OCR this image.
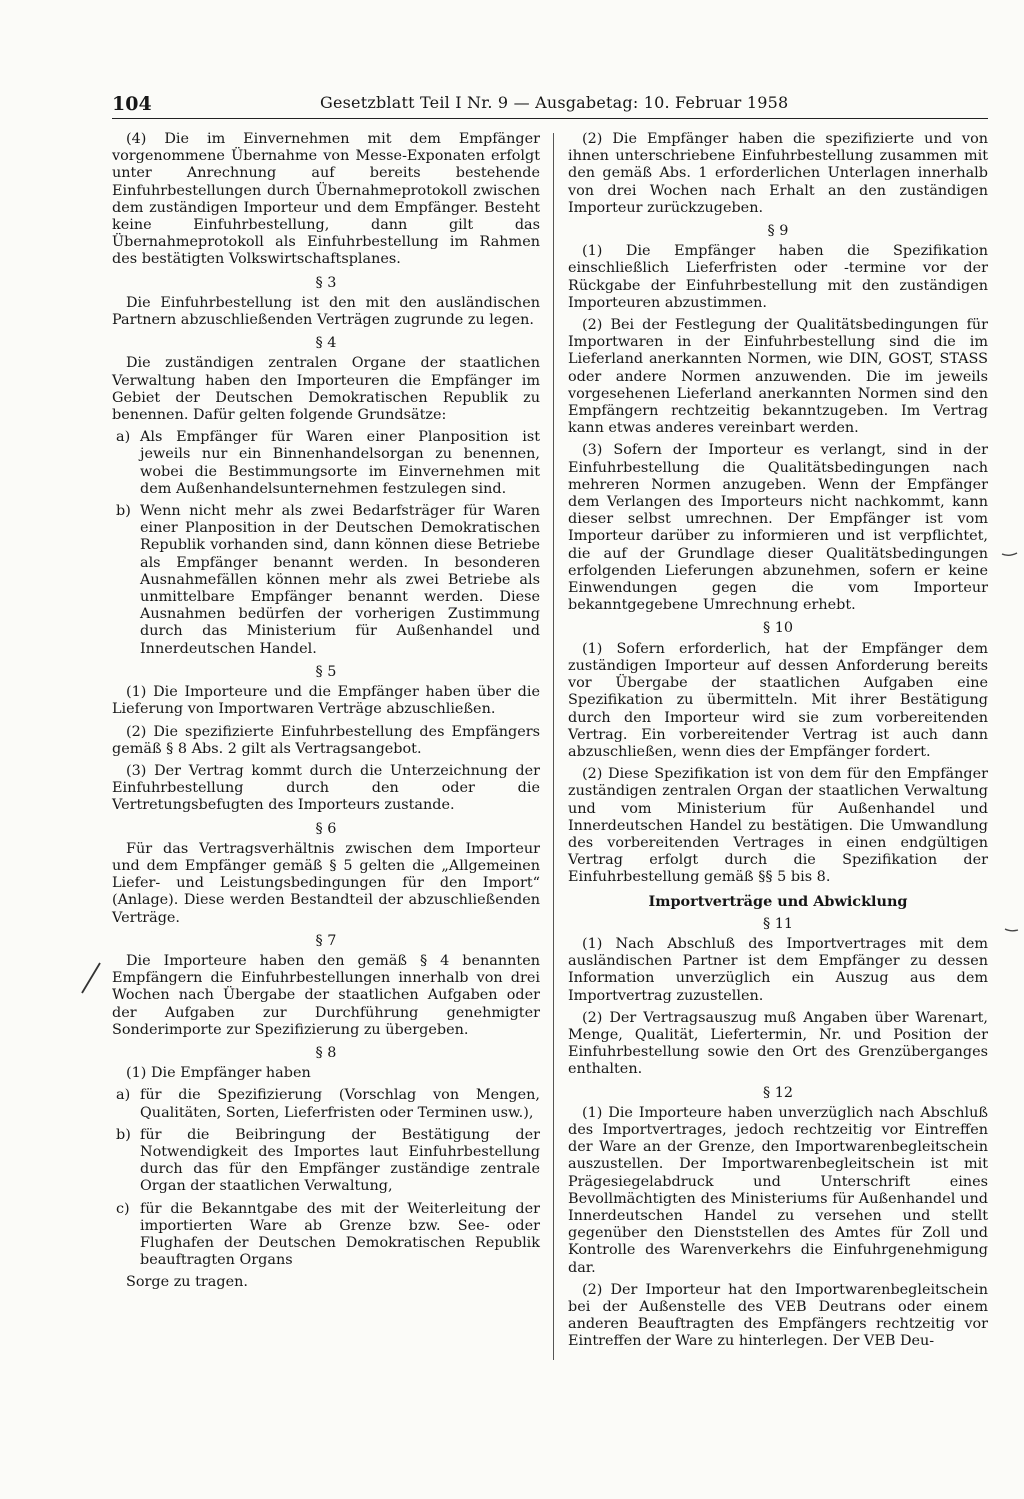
104	Gesetzblatt Teil I Nr. 9 — Ausgabetag: 10. Februar 1958

(4) Die im Einvernehmen mit dem Empfänger vorgenommene Übernahme von Messe-Exponaten erfolgt unter Anrechnung auf bereits bestehende Einfuhrbestellungen durch Übernahmeprotokoll zwischen dem zuständigen Importeur und dem Empfänger. Besteht keine Einfuhrbestellung, dann gilt das Übernahmeprotokoll als Einfuhrbestellung im Rahmen des bestätigten Volkswirtschaftsplanes.

§ 3

Die Einfuhrbestellung ist den mit den ausländischen Partnern abzuschließenden Verträgen zugrunde zu legen.

§ 4

Die zuständigen zentralen Organe der staatlichen Verwaltung haben den Importeuren die Empfänger im Gebiet der Deutschen Demokratischen Republik zu benennen. Dafür gelten folgende Grundsätze:

a) Als Empfänger für Waren einer Planposition ist jeweils nur ein Binnenhandelsorgan zu benennen, wobei die Bestimmungsorte im Einvernehmen mit dem Außenhandelsunternehmen festzulegen sind.
b) Wenn nicht mehr als zwei Bedarfsträger für Waren einer Planposition in der Deutschen Demokratischen Republik vorhanden sind, dann können diese Betriebe als Empfänger benannt werden. In besonderen Ausnahmefällen können mehr als zwei Betriebe als unmittelbare Empfänger benannt werden. Diese Ausnahmen bedürfen der vorherigen Zustimmung durch das Ministerium für Außenhandel und Innerdeutschen Handel.
§ 5

(1) Die Importeure und die Empfänger haben über die Lieferung von Importwaren Verträge abzuschließen.

(2) Die spezifizierte Einfuhrbestellung des Empfängers gemäß § 8 Abs. 2 gilt als Vertragsangebot.

(3) Der Vertrag kommt durch die Unterzeichnung der Einfuhrbestellung durch den oder die Vertretungsbefugten des Importeurs zustande.

§ 6

Für das Vertragsverhältnis zwischen dem Importeur und dem Empfänger gemäß § 5 gelten die „Allgemeinen Liefer- und Leistungsbedingungen für den Import“ (Anlage). Diese werden Bestandteil der abzuschließenden Verträge.

§ 7

Die Importeure haben den gemäß § 4 benannten Empfängern die Einfuhrbestellungen innerhalb von drei Wochen nach Übergabe der staatlichen Aufgaben oder der Aufgaben zur Durchführung genehmigter Sonderimporte zur Spezifizierung zu übergeben.

§ 8

(1) Die Empfänger haben

a) für die Spezifizierung (Vorschlag von Mengen, Qualitäten, Sorten, Lieferfristen oder Terminen usw.),
b) für die Beibringung der Bestätigung der Notwendigkeit des Importes laut Einfuhrbestellung durch das für den Empfänger zuständige zentrale Organ der staatlichen Verwaltung,
c) für die Bekanntgabe des mit der Weiterleitung der importierten Ware ab Grenze bzw. See- oder Flughafen der Deutschen Demokratischen Republik beauftragten Organs

Sorge zu tragen.

(2) Die Empfänger haben die spezifizierte und von ihnen unterschriebene Einfuhrbestellung zusammen mit den gemäß Abs. 1 erforderlichen Unterlagen innerhalb von drei Wochen nach Erhalt an den zuständigen Importeur zurückzugeben.

§ 9

(1) Die Empfänger haben die Spezifikation einschließlich Lieferfristen oder -termine vor der Rückgabe der Einfuhrbestellung mit den zuständigen Importeuren abzustimmen.

(2) Bei der Festlegung der Qualitätsbedingungen für Importwaren in der Einfuhrbestellung sind die im Lieferland anerkannten Normen, wie DIN, GOST, STASS oder andere Normen anzuwenden. Die im jeweils vorgesehenen Lieferland anerkannten Normen sind den Empfängern rechtzeitig bekanntzugeben. Im Vertrag kann etwas anderes vereinbart werden.

(3) Sofern der Importeur es verlangt, sind in der Einfuhrbestellung die Qualitätsbedingungen nach mehreren Normen anzugeben. Wenn der Empfänger dem Verlangen des Importeurs nicht nachkommt, kann dieser selbst umrechnen. Der Empfänger ist vom Importeur darüber zu informieren und ist verpflichtet, die auf der Grundlage dieser Qualitätsbedingungen erfolgenden Lieferungen abzunehmen, sofern er keine Einwendungen gegen die vom Importeur bekanntgegebene Umrechnung erhebt.

§ 10

(1) Sofern erforderlich, hat der Empfänger dem zuständigen Importeur auf dessen Anforderung bereits vor Übergabe der staatlichen Aufgaben eine Spezifikation zu übermitteln. Mit ihrer Bestätigung durch den Importeur wird sie zum vorbereitenden Vertrag. Ein vorbereitender Vertrag ist auch dann abzuschließen, wenn dies der Empfänger fordert.

(2) Diese Spezifikation ist von dem für den Empfänger zuständigen zentralen Organ der staatlichen Verwaltung und vom Ministerium für Außenhandel und Innerdeutschen Handel zu bestätigen. Die Umwandlung des vorbereitenden Vertrages in einen endgültigen Vertrag erfolgt durch die Spezifikation der Einfuhrbestellung gemäß §§ 5 bis 8.

Importverträge und Abwicklung
§ 11

(1) Nach Abschluß des Importvertrages mit dem ausländischen Partner ist dem Empfänger zu dessen Information unverzüglich ein Auszug aus dem Importvertrag zuzustellen.

(2) Der Vertragsauszug muß Angaben über Warenart, Menge, Qualität, Liefertermin, Nr. und Position der Einfuhrbestellung sowie den Ort des Grenzüberganges enthalten.

§ 12

(1) Die Importeure haben unverzüglich nach Abschluß des Importvertrages, jedoch rechtzeitig vor Eintreffen der Ware an der Grenze, den Importwarenbegleitschein auszustellen. Der Importwarenbegleitschein ist mit Prägesiegelabdruck und Unterschrift eines Bevollmächtigten des Ministeriums für Außenhandel und Innerdeutschen Handel zu versehen und stellt gegenüber den Dienststellen des Amtes für Zoll und Kontrolle des Warenverkehrs die Einfuhrgenehmigung dar.

(2) Der Importeur hat den Importwarenbegleitschein bei der Außenstelle des VEB Deutrans oder einem anderen Beauftragten des Empfängers rechtzeitig vor Eintreffen der Ware zu hinterlegen. Der VEB Deu-
